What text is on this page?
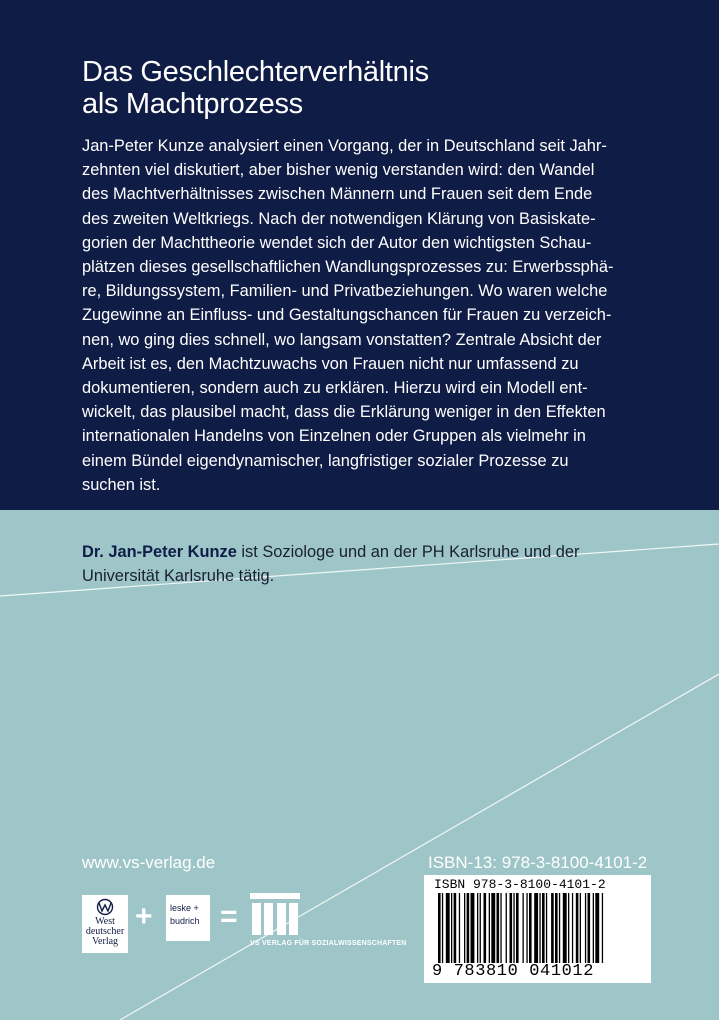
Das Geschlechterverhältnis
als Machtprozess

Jan-Peter Kunze analysiert einen Vorgang, der in Deutschland seit Jahr-
zehnten viel diskutiert, aber bisher wenig verstanden wird: den Wandel
des Machtverhältnisses zwischen Männern und Frauen seit dem Ende
des zweiten Weltkriegs. Nach der notwendigen Klärung von Basiskate-
gorien der Machttheorie wendet sich der Autor den wichtigsten Schau-
plätzen dieses gesellschaftlichen Wandlungsprozesses zu: Erwerbssphä-
re, Bildungssystem, Familien- und Privatbeziehungen. Wo waren welche
Zugewinne an Einfluss- und Gestaltungschancen für Frauen zu verzeich-
nen, wo ging dies schnell, wo langsam vonstatten? Zentrale Absicht der
Arbeit ist es, den Machtzuwachs von Frauen nicht nur umfassend zu
dokumentieren, sondern auch zu erklären. Hierzu wird ein Modell ent-
wickelt, das plausibel macht, dass die Erklärung weniger in den Effekten
internationalen Handelns von Einzelnen oder Gruppen als vielmehr in
einem Bündel eigendynamischer, langfristiger sozialer Prozesse zu
suchen ist.

Dr. Jan-Peter Kunze ist Soziologe und an der PH Karlsruhe und der
Universität Karlsruhe tätig.

www.vs-verlag.de	ISBN-13: 978-3-8100-4101-2
West
deutscher
Verlag
+ leske +
budrich =
VS VERLAG FÜR SOZIALWISSENSCHAFTEN
ISBN 978-3-8100-4101-2
9 783810 041012
